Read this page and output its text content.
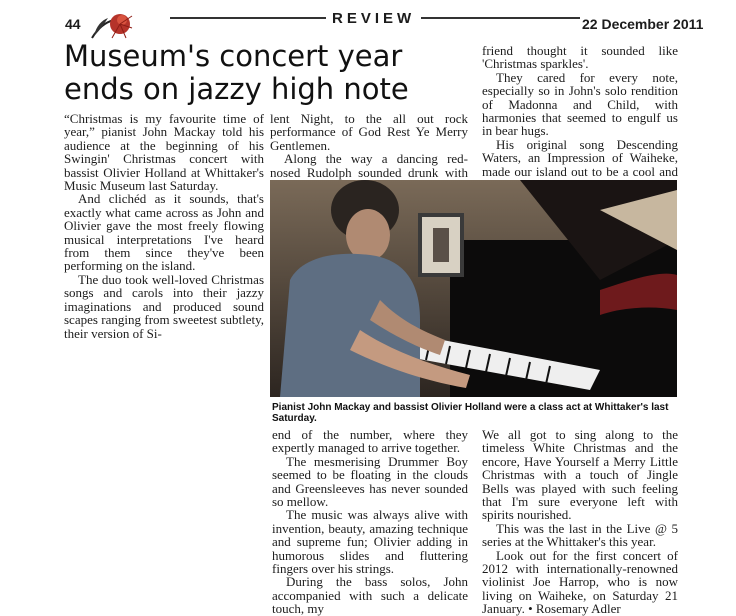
44	REVIEW	22 December 2011
Museum's concert year ends on jazzy high note

“Christmas is my favourite time of year,” pianist John Mackay told his audience at the beginning of his Swingin' Christmas concert with bassist Olivier Holland at Whittaker's Music Museum last Saturday.

And clichéd as it sounds, that's exactly what came across as John and Olivier gave the most freely flowing musical interpretations I've heard from them since they've been performing on the island.

The duo took well-loved Christmas songs and carols into their jazzy imaginations and produced sound scapes ranging from sweetest subtlety, their version of Si-

lent Night, to the all out rock performance of God Rest Ye Merry Gentlemen.

Along the way a dancing red-nosed Rudolph sounded drunk with

friend thought it sounded like 'Christmas sparkles'.

They cared for every note, especially so in John's solo rendition of Madonna and Child, with harmonies that seemed to engulf us in bear hugs.

His original song Descending Waters, an Impression of Waiheke, made our island out to be a cool and

Pianist John Mackay and bassist Olivier Holland were a class act at Whittaker's last Saturday.

end of the number, where they expertly managed to arrive together.

The mesmerising Drummer Boy seemed to be floating in the clouds and Greensleeves has never sounded so mellow.

The music was always alive with invention, beauty, amazing technique and supreme fun; Olivier adding in humorous slides and fluttering fingers over his strings.

During the bass solos, John accompanied with such a delicate touch, my

We all got to sing along to the timeless White Christmas and the encore, Have Yourself a Merry Little Christmas with a touch of Jingle Bells was played with such feeling that I'm sure everyone left with spirits nourished.

This was the last in the Live @ 5 series at the Whittaker's this year.

Look out for the first concert of 2012 with internationally-renowned violinist Joe Harrop, who is now living on Waiheke, on Saturday 21 January. • Rosemary Adler
